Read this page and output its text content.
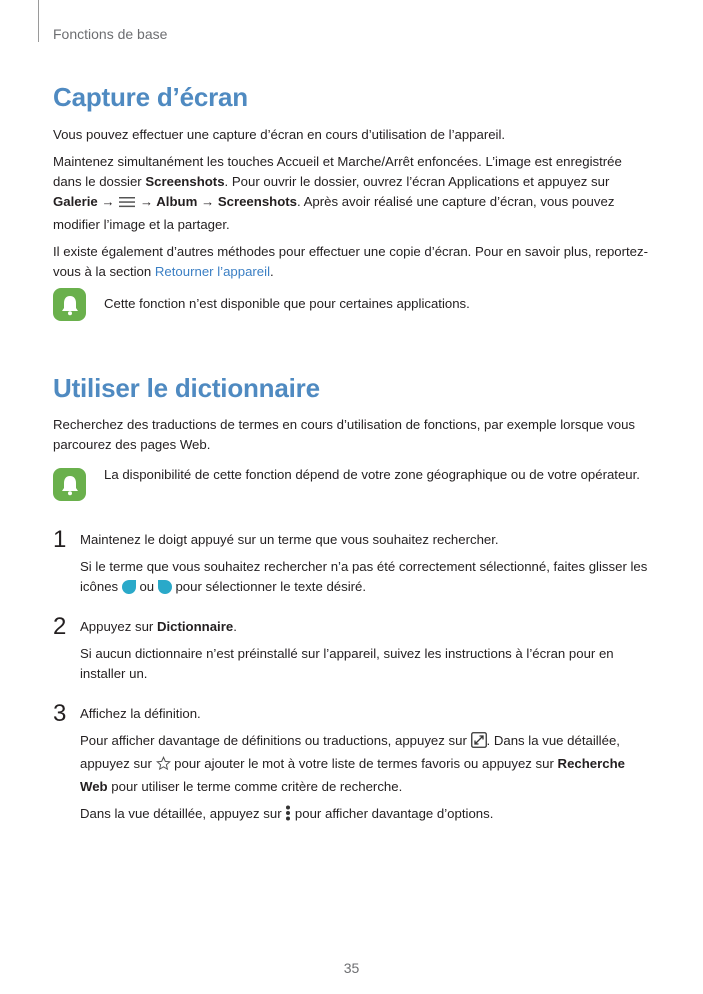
Fonctions de base
Capture d’écran

Vous pouvez effectuer une capture d’écran en cours d’utilisation de l’appareil.

Maintenez simultanément les touches Accueil et Marche/Arrêt enfoncées. L’image est enregistrée dans le dossier Screenshots. Pour ouvrir le dossier, ouvrez l’écran Applications et appuyez sur Galerie →  → Album → Screenshots. Après avoir réalisé une capture d’écran, vous pouvez modifier l’image et la partager.

Il existe également d’autres méthodes pour effectuer une copie d’écran. Pour en savoir plus, reportez-vous à la section Retourner l’appareil.

Cette fonction n’est disponible que pour certaines applications.
Utiliser le dictionnaire

Recherchez des traductions de termes en cours d’utilisation de fonctions, par exemple lorsque vous parcourez des pages Web.

La disponibilité de cette fonction dépend de votre zone géographique ou de votre opérateur.
1 Maintenez le doigt appuyé sur un terme que vous souhaitez rechercher.

Si le terme que vous souhaitez rechercher n’a pas été correctement sélectionné, faites glisser les icônes  ou  pour sélectionner le texte désiré.

2 Appuyez sur Dictionnaire.

Si aucun dictionnaire n’est préinstallé sur l’appareil, suivez les instructions à l’écran pour en installer un.

3 Affichez la définition.

Pour afficher davantage de définitions ou traductions, appuyez sur . Dans la vue détaillée, appuyez sur  pour ajouter le mot à votre liste de termes favoris ou appuyez sur Recherche Web pour utiliser le terme comme critère de recherche.

Dans la vue détaillée, appuyez sur  pour afficher davantage d’options.

35
